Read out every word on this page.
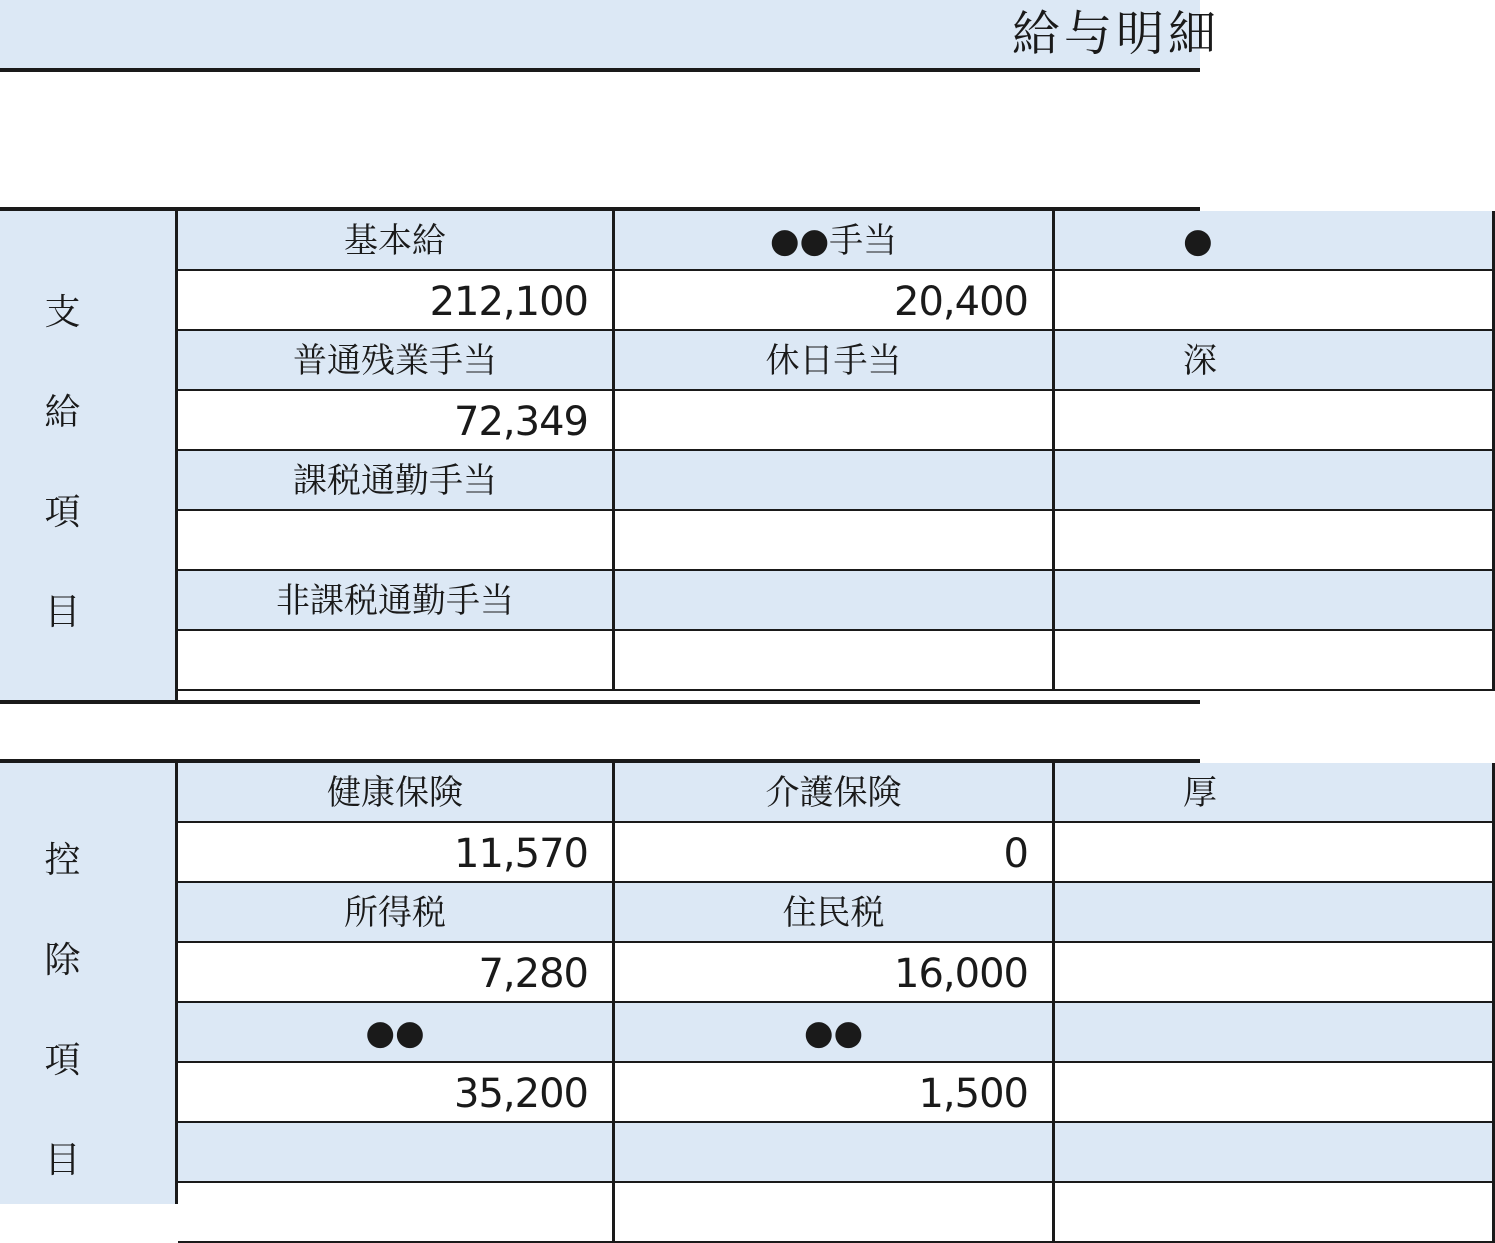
給与明細
支
給
項
目
基本給	●●手当	●
212,100	20,400
普通残業手当	休日手当	深
72,349
課税通勤手当
非課税通勤手当
控
除
項
目
健康保険	介護保険	厚
11,570	0
所得税	住民税
7,280	16,000
●●	●●
35,200	1,500
